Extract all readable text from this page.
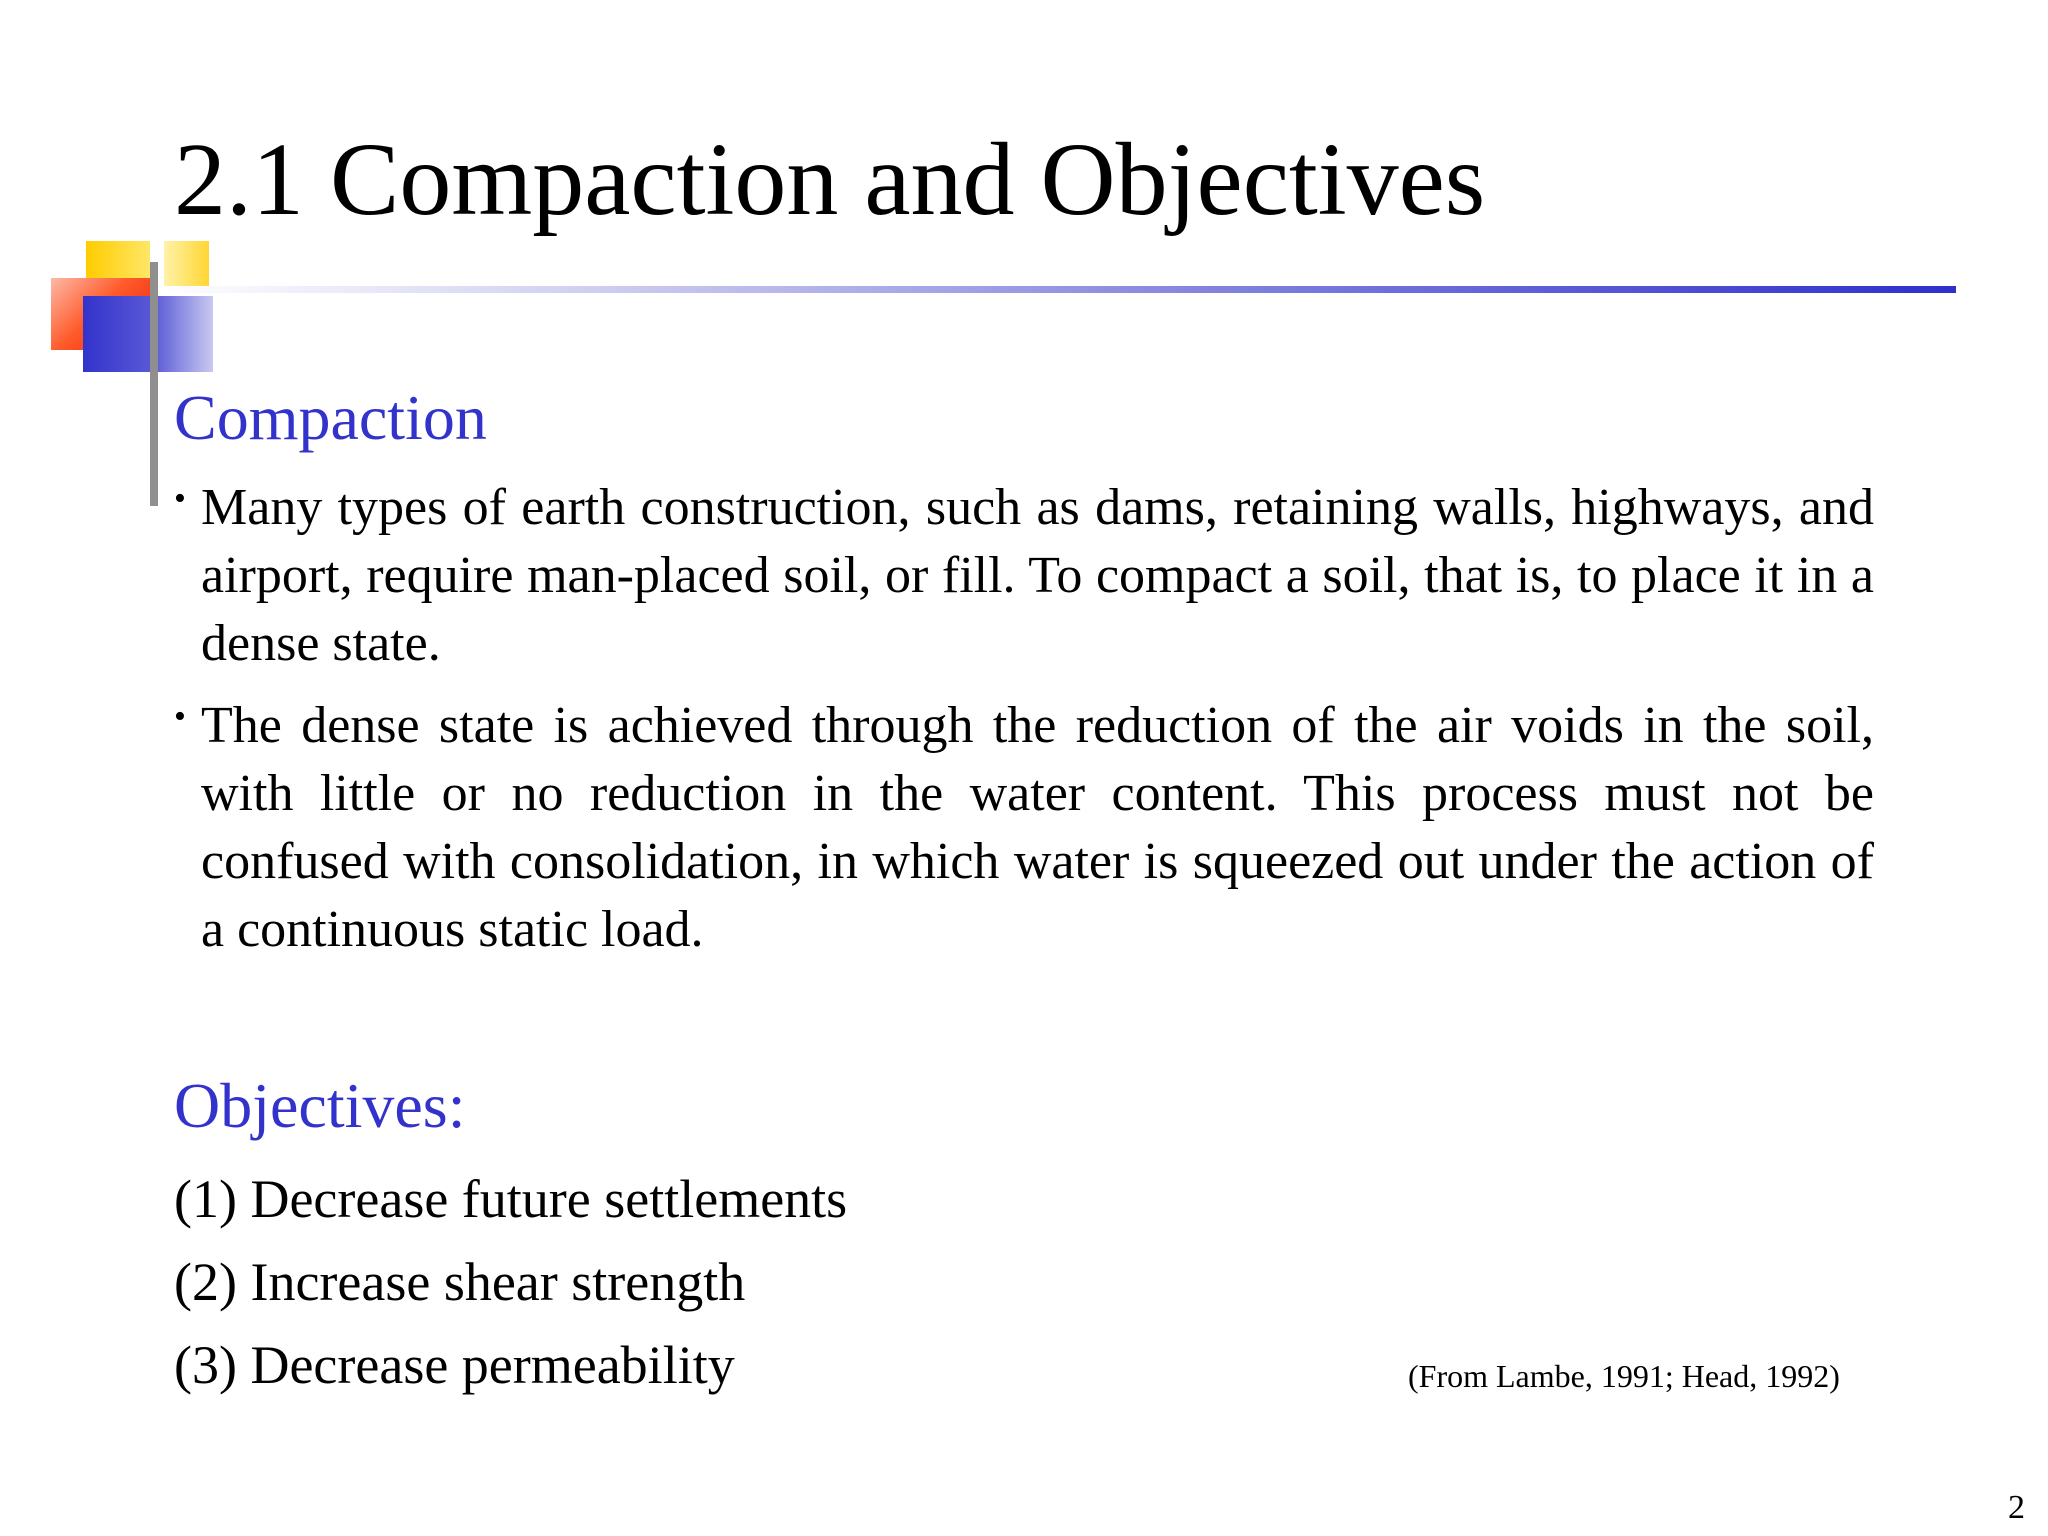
2.1 Compaction and Objectives
Compaction
• Many types of earth construction, such as dams, retaining walls, highways, and airport, require man-placed soil, or fill. To compact a soil, that is, to place it in a dense state.
• The dense state is achieved through the reduction of the air voids in the soil, with little or no reduction in the water content. This process must not be confused with consolidation, in which water is squeezed out under the action of a continuous static load.
Objectives:
(1) Decrease future settlements
(2) Increase shear strength
(3) Decrease permeability	(From Lambe, 1991; Head, 1992)
2
